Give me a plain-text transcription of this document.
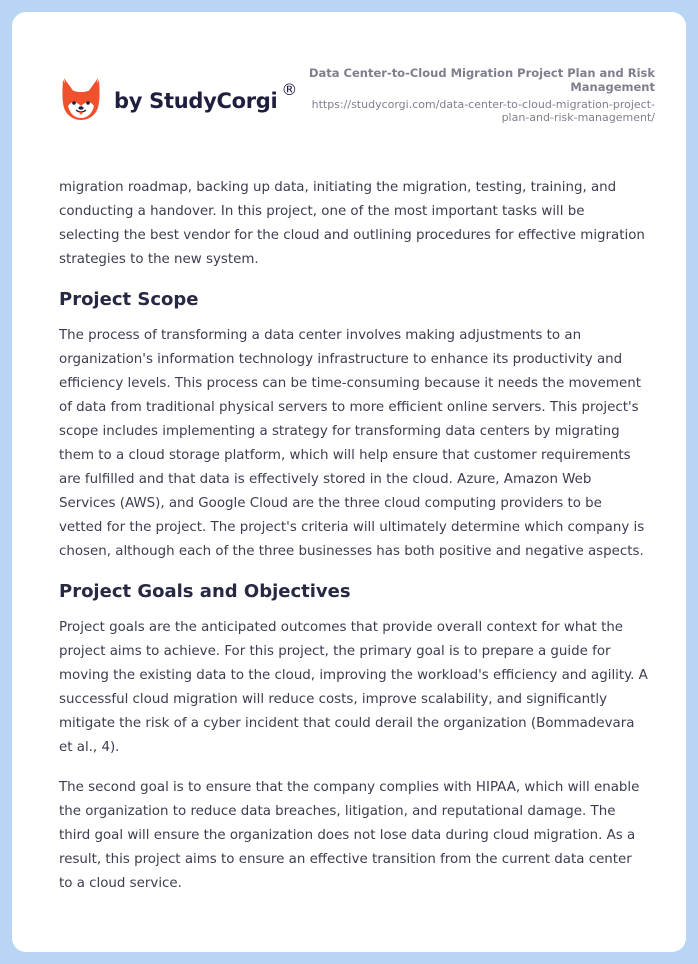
by StudyCorgi ®
Data Center-to-Cloud Migration Project Plan and Risk Management
https://studycorgi.com/data-center-to-cloud-migration-project-plan-and-risk-management/

migration roadmap, backing up data, initiating the migration, testing, training, and conducting a handover. In this project, one of the most important tasks will be selecting the best vendor for the cloud and outlining procedures for effective migration strategies to the new system.

Project Scope

The process of transforming a data center involves making adjustments to an organization's information technology infrastructure to enhance its productivity and efficiency levels. This process can be time-consuming because it needs the movement of data from traditional physical servers to more efficient online servers. This project's scope includes implementing a strategy for transforming data centers by migrating them to a cloud storage platform, which will help ensure that customer requirements are fulfilled and that data is effectively stored in the cloud. Azure, Amazon Web Services (AWS), and Google Cloud are the three cloud computing providers to be vetted for the project. The project's criteria will ultimately determine which company is chosen, although each of the three businesses has both positive and negative aspects.

Project Goals and Objectives

Project goals are the anticipated outcomes that provide overall context for what the project aims to achieve. For this project, the primary goal is to prepare a guide for moving the existing data to the cloud, improving the workload's efficiency and agility. A successful cloud migration will reduce costs, improve scalability, and significantly mitigate the risk of a cyber incident that could derail the organization (Bommadevara et al., 4).

The second goal is to ensure that the company complies with HIPAA, which will enable the organization to reduce data breaches, litigation, and reputational damage. The third goal will ensure the organization does not lose data during cloud migration. As a result, this project aims to ensure an effective transition from the current data center to a cloud service.
